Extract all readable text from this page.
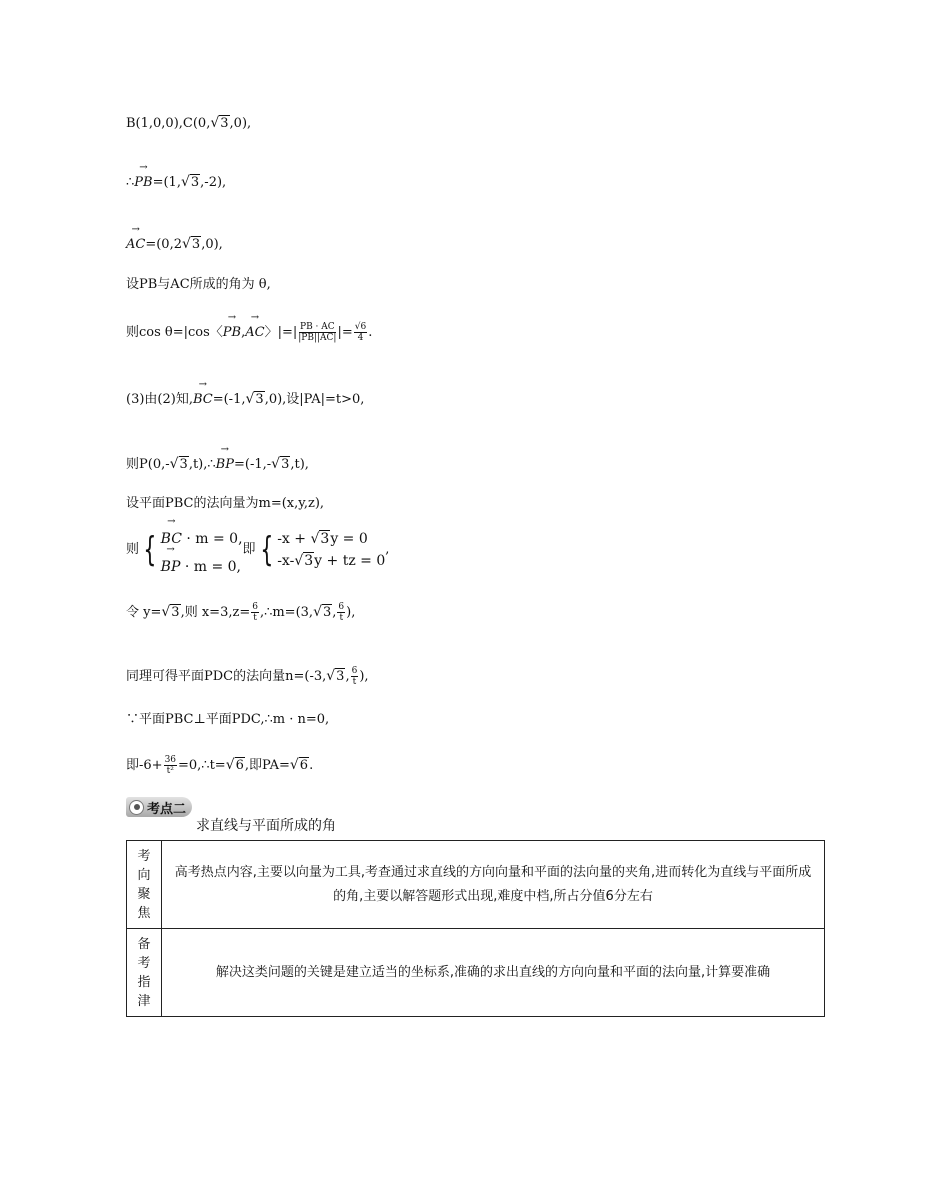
B(1,0,0),C(0,√3,0),
∴→ PB=(1,√3,-2),
→ AC=(0,2√3,0),
设PB与AC所成的角为 θ,
则cos θ=|cos〈→ PB,→ AC〉|=| $\frac{PB \cdot AC}{|PB||AC|}$ |= $\frac{√6}{4}$ .
(3)由(2)知,→ BC=(-1,√3,0),设|PA|=t>0,
则P(0,-√3,t),∴→ BP=(-1,-√3,t),
设平面PBC的法向量为m=(x,y,z),
则 { → BC · m = 0,
→ BP · m = 0,
即 { -x + √3y = 0
-x-√3y + tz = 0
,
令 y=√3,则 $x=3,z= \frac{6}{t}$ ,∴m=(3,√3, $\frac{6}{t}$ ),
同理可得平面PDC的法向量n=(-3,√3, $\frac{6}{t}$ ),
∵平面PBC⊥平面PDC,∴m · n=0,
即$-6+ \frac{36}{\text{t²}}$ =0,∴t=√6,即PA=√6.
考点二
求直线与平面所成的角
考
向
聚
焦	高考热点内容,主要以向量为工具,考查通过求直线的方向向量和平面的法向量的夹角,进而转化为直线与平面所成的角,主要以解答题形式出现,难度中档,所占分值6分左右

备
考
指
津	解决这类问题的关键是建立适当的坐标系,准确的求出直线的方向向量和平面的法向量,计算要准确
